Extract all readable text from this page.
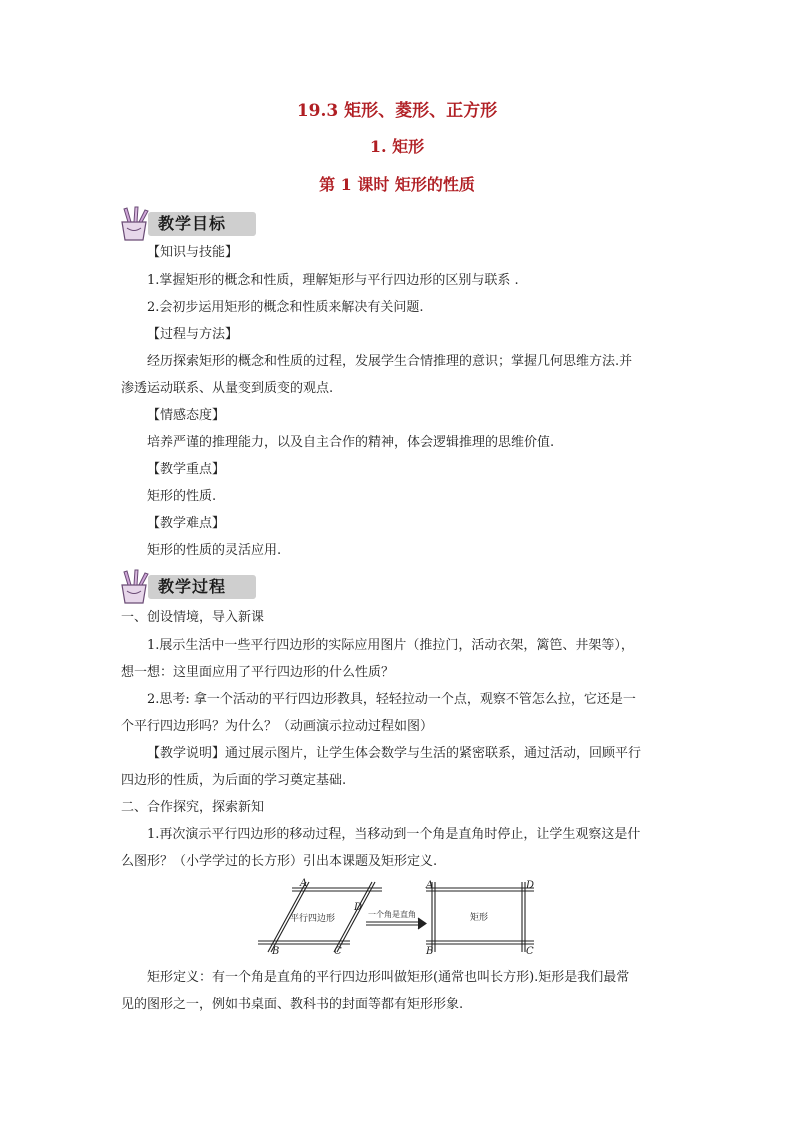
19.3 矩形、菱形、正方形
1. 矩形
第 1 课时 矩形的性质
教学目标
【知识与技能】
1.掌握矩形的概念和性质，理解矩形与平行四边形的区别与联系 .
2.会初步运用矩形的概念和性质来解决有关问题.
【过程与方法】
经历探索矩形的概念和性质的过程，发展学生合情推理的意识；掌握几何思维方法.并
渗透运动联系、从量变到质变的观点.
【情感态度】
培养严谨的推理能力，以及自主合作的精神，体会逻辑推理的思维价值.
【教学重点】
矩形的性质.
【教学难点】
矩形的性质的灵活应用.
教学过程
一、创设情境，导入新课
1.展示生活中一些平行四边形的实际应用图片（推拉门，活动衣架，篱笆、井架等），
想一想：这里面应用了平行四边形的什么性质？
2.思考: 拿一个活动的平行四边形教具，轻轻拉动一个点，观察不管怎么拉，它还是一
个平行四边形吗？为什么？（动画演示拉动过程如图）
【教学说明】通过展示图片，让学生体会数学与生活的紧密联系，通过活动，回顾平行
四边形的性质，为后面的学习奠定基础.
二、合作探究，探索新知
1.再次演示平行四边形的移动过程，当移动到一个角是直角时停止，让学生观察这是什
么图形？（小学学过的长方形）引出本课题及矩形定义.
平行四边形	一个角是直角	矩形
A
D
B	C
A	D
B	C
矩形定义：有一个角是直角的平行四边形叫做矩形(通常也叫长方形).矩形是我们最常
见的图形之一，例如书桌面、教科书的封面等都有矩形形象.
